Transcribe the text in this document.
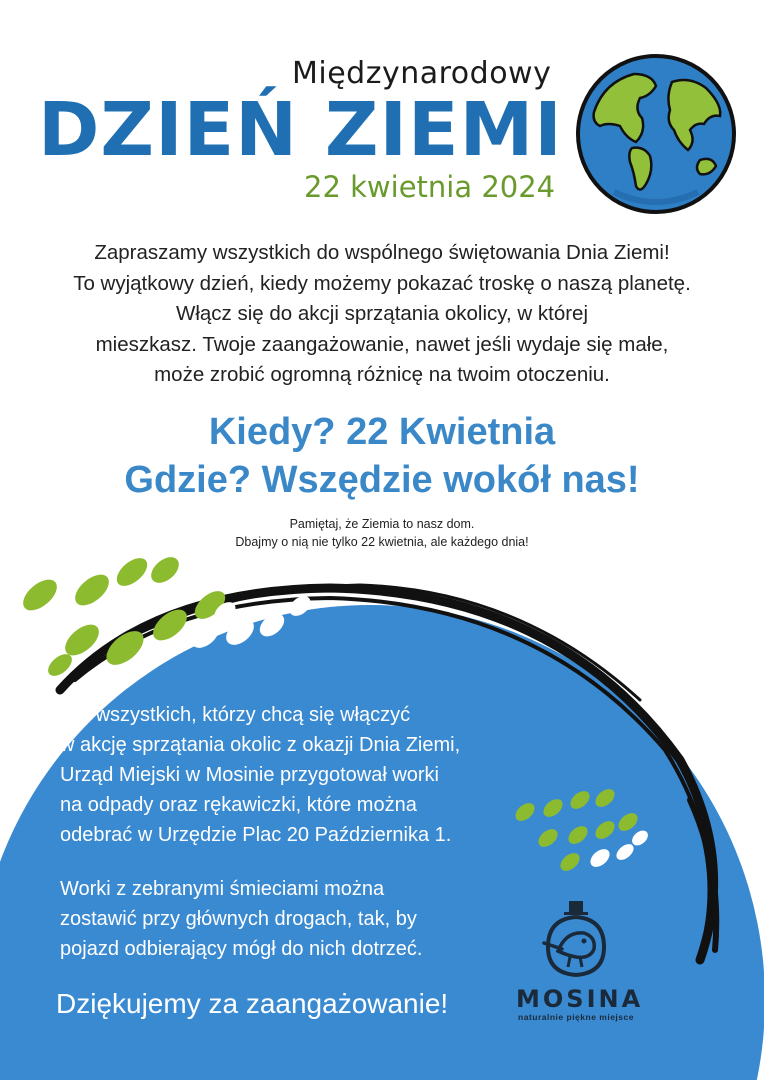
Międzynarodowy
DZIEŃ ZIEMI
22 kwietnia 2024
Zapraszamy wszystkich do wspólnego świętowania Dnia Ziemi!
To wyjątkowy dzień, kiedy możemy pokazać troskę o naszą planetę.
Włącz się do akcji sprzątania okolicy, w której
mieszkasz. Twoje zaangażowanie, nawet jeśli wydaje się małe,
może zrobić ogromną różnicę na twoim otoczeniu.
Kiedy? 22 Kwietnia
Gdzie? Wszędzie wokół nas!
Pamiętaj, że Ziemia to nasz dom.
Dbajmy o nią nie tylko 22 kwietnia, ale każdego dnia!
Dla wszystkich, którzy chcą się włączyć
w akcję sprzątania okolic z okazji Dnia Ziemi,
Urząd Miejski w Mosinie przygotował worki
na odpady oraz rękawiczki, które można
odebrać w Urzędzie Plac 20 Października 1.
Worki z zebranymi śmieciami można
zostawić przy głównych drogach, tak, by
pojazd odbierający mógł do nich dotrzeć.
Dziękujemy za zaangażowanie!	MOSINA
naturalnie piękne miejsce
